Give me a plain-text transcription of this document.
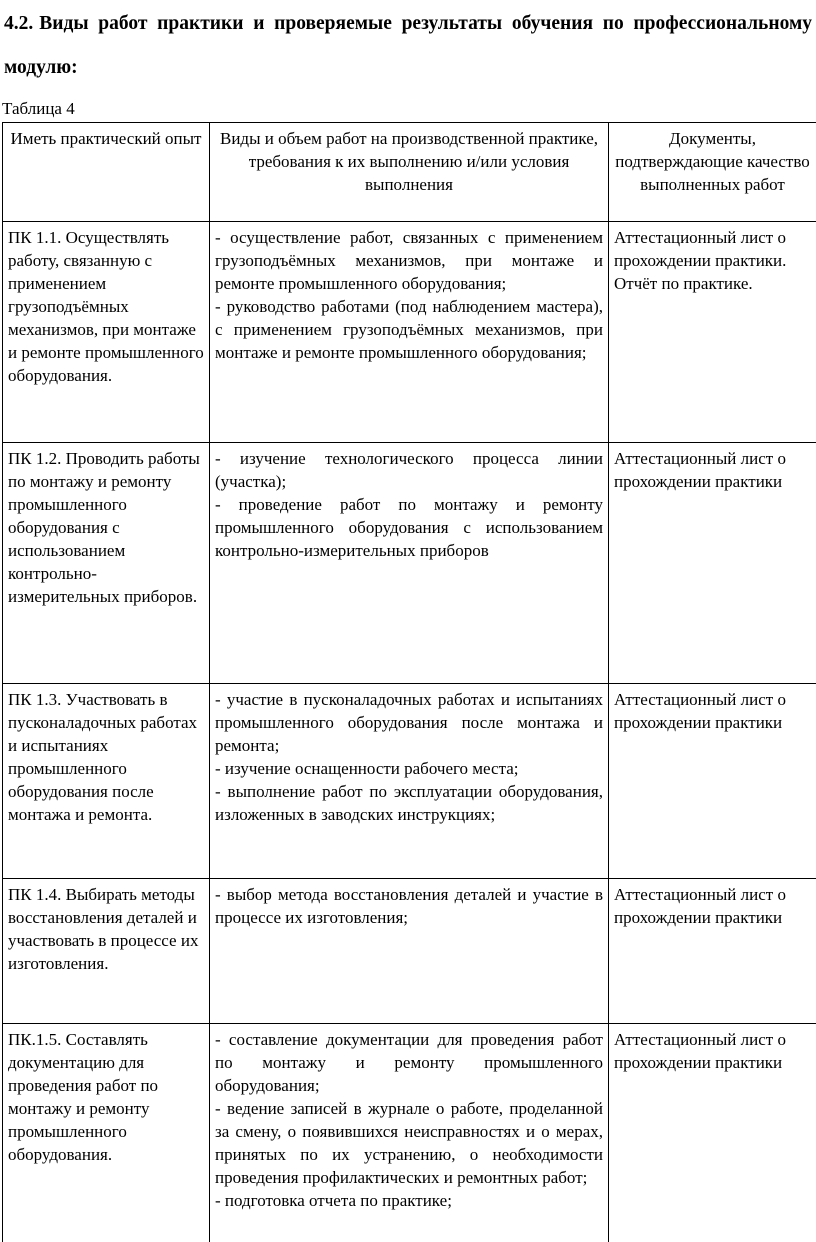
4.2. Виды работ практики и проверяемые результаты обучения по профессиональному модулю:
Таблица 4
Иметь практический опыт	Виды и объем работ на производственной практике, требования к их выполнению и/или условия выполнения	Документы, подтверждающие качество выполненных работ
ПК 1.1. Осуществлять работу, связанную с применением грузоподъёмных механизмов, при монтаже и ремонте промышленного оборудования.	- осуществление работ, связанных с применением грузоподъёмных механизмов, при монтаже и ремонте промышленного оборудования;
- руководство работами (под наблюдением мастера), с применением грузоподъёмных механизмов, при монтаже и ремонте промышленного оборудования;	Аттестационный лист о прохождении практики.
Отчёт по практике.

ПК 1.2. Проводить работы по монтажу и ремонту промышленного оборудования с использованием контрольно-измерительных приборов.	- изучение технологического процесса линии (участка);
- проведение работ по монтажу и ремонту промышленного оборудования с использованием контрольно-измерительных приборов	Аттестационный лист о прохождении практики

ПК 1.3. Участвовать в пусконаладочных работах и испытаниях промышленного оборудования после монтажа и ремонта.	- участие в пусконаладочных работах и испытаниях промышленного оборудования после монтажа и ремонта;
- изучение оснащенности рабочего места;
- выполнение работ по эксплуатации оборудования, изложенных в заводских инструкциях;	Аттестационный лист о прохождении практики

ПК 1.4. Выбирать методы восстановления деталей и участвовать в процессе их изготовления.	- выбор метода восстановления деталей и участие в процессе их изготовления;	Аттестационный лист о прохождении практики

ПК.1.5. Составлять документацию для проведения работ по монтажу и ремонту промышленного оборудования.	- составление документации для проведения работ по монтажу и ремонту промышленного оборудования;
- ведение записей в журнале о работе, проделанной за смену, о появившихся неисправностях и о мерах, принятых по их устранению, о необходимости проведения профилактических и ремонтных работ;
- подготовка отчета по практике;	Аттестационный лист о прохождении практики
